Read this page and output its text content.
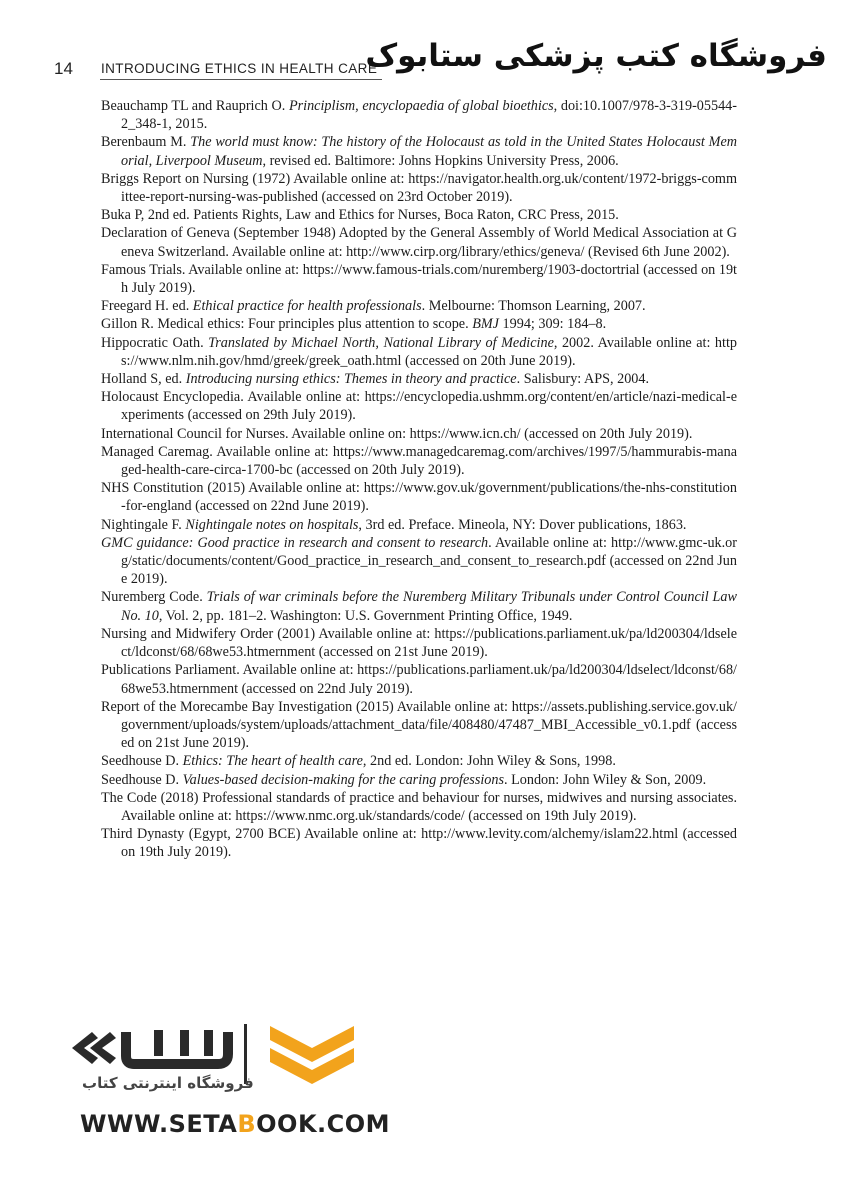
14 INTRODUCING ETHICS IN HEALTH CARE
فروشگاه کتب پزشکی ستابوک

Beauchamp TL and Rauprich O. Principlism, encyclopaedia of global bioethics, doi:10.1007/978-3-319-05544-2_348-1, 2015.

Berenbaum M. The world must know: The history of the Holocaust as told in the United States Holocaust Memorial, Liverpool Museum, revised ed. Baltimore: Johns Hopkins University Press, 2006.

Briggs Report on Nursing (1972) Available online at: https://navigator.health.org.uk/content/1972-briggs-committee-report-nursing-was-published (accessed on 23rd October 2019).

Buka P, 2nd ed. Patients Rights, Law and Ethics for Nurses, Boca Raton, CRC Press, 2015.

Declaration of Geneva (September 1948) Adopted by the General Assembly of World Medical Association at Geneva Switzerland. Available online at: http://www.cirp.org/library/ethics/geneva/ (Revised 6th June 2002).

Famous Trials. Available online at: https://www.famous-trials.com/nuremberg/1903-doctortrial (accessed on 19th July 2019).

Freegard H. ed. Ethical practice for health professionals. Melbourne: Thomson Learning, 2007.

Gillon R. Medical ethics: Four principles plus attention to scope. BMJ 1994; 309: 184–8.

Hippocratic Oath. Translated by Michael North, National Library of Medicine, 2002. Available online at: https://www.nlm.nih.gov/hmd/greek/greek_oath.html (accessed on 20th June 2019).

Holland S, ed. Introducing nursing ethics: Themes in theory and practice. Salisbury: APS, 2004.

Holocaust Encyclopedia. Available online at: https://encyclopedia.ushmm.org/content/en/article/nazi-medical-experiments (accessed on 29th July 2019).

International Council for Nurses. Available online on: https://www.icn.ch/ (accessed on 20th July 2019).

Managed Caremag. Available online at: https://www.managedcaremag.com/archives/1997/5/hammurabis-managed-health-care-circa-1700-bc (accessed on 20th July 2019).

NHS Constitution (2015) Available online at: https://www.gov.uk/government/publications/the-nhs-constitution-for-england (accessed on 22nd June 2019).

Nightingale F. Nightingale notes on hospitals, 3rd ed. Preface. Mineola, NY: Dover publications, 1863.

GMC guidance: Good practice in research and consent to research. Available online at: http://www.gmc-uk.org/static/documents/content/Good_practice_in_research_and_consent_to_research.pdf (accessed on 22nd June 2019).

Nuremberg Code. Trials of war criminals before the Nuremberg Military Tribunals under Control Council Law No. 10, Vol. 2, pp. 181–2. Washington: U.S. Government Printing Office, 1949.

Nursing and Midwifery Order (2001) Available online at: https://publications.parliament.uk/pa/ld200304/ldselect/ldconst/68/68we53.htmernment (accessed on 21st June 2019).

Publications Parliament. Available online at: https://publications.parliament.uk/pa/ld200304/ldselect/ldconst/68/68we53.htmernment (accessed on 22nd July 2019).

Report of the Morecambe Bay Investigation (2015) Available online at: https://assets.publishing.service.gov.uk/government/uploads/system/uploads/attachment_data/file/408480/47487_MBI_Accessible_v0.1.pdf (accessed on 21st June 2019).

Seedhouse D. Ethics: The heart of health care, 2nd ed. London: John Wiley & Sons, 1998.

Seedhouse D. Values-based decision-making for the caring professions. London: John Wiley & Son, 2009.

The Code (2018) Professional standards of practice and behaviour for nurses, midwives and nursing associates. Available online at: https://www.nmc.org.uk/standards/code/ (accessed on 19th July 2019).

Third Dynasty (Egypt, 2700 BCE) Available online at: http://www.levity.com/alchemy/islam22.html (accessed on 19th July 2019).

فروشگاه اینترنتی کتاب
WWW.SETABOOK.COM
